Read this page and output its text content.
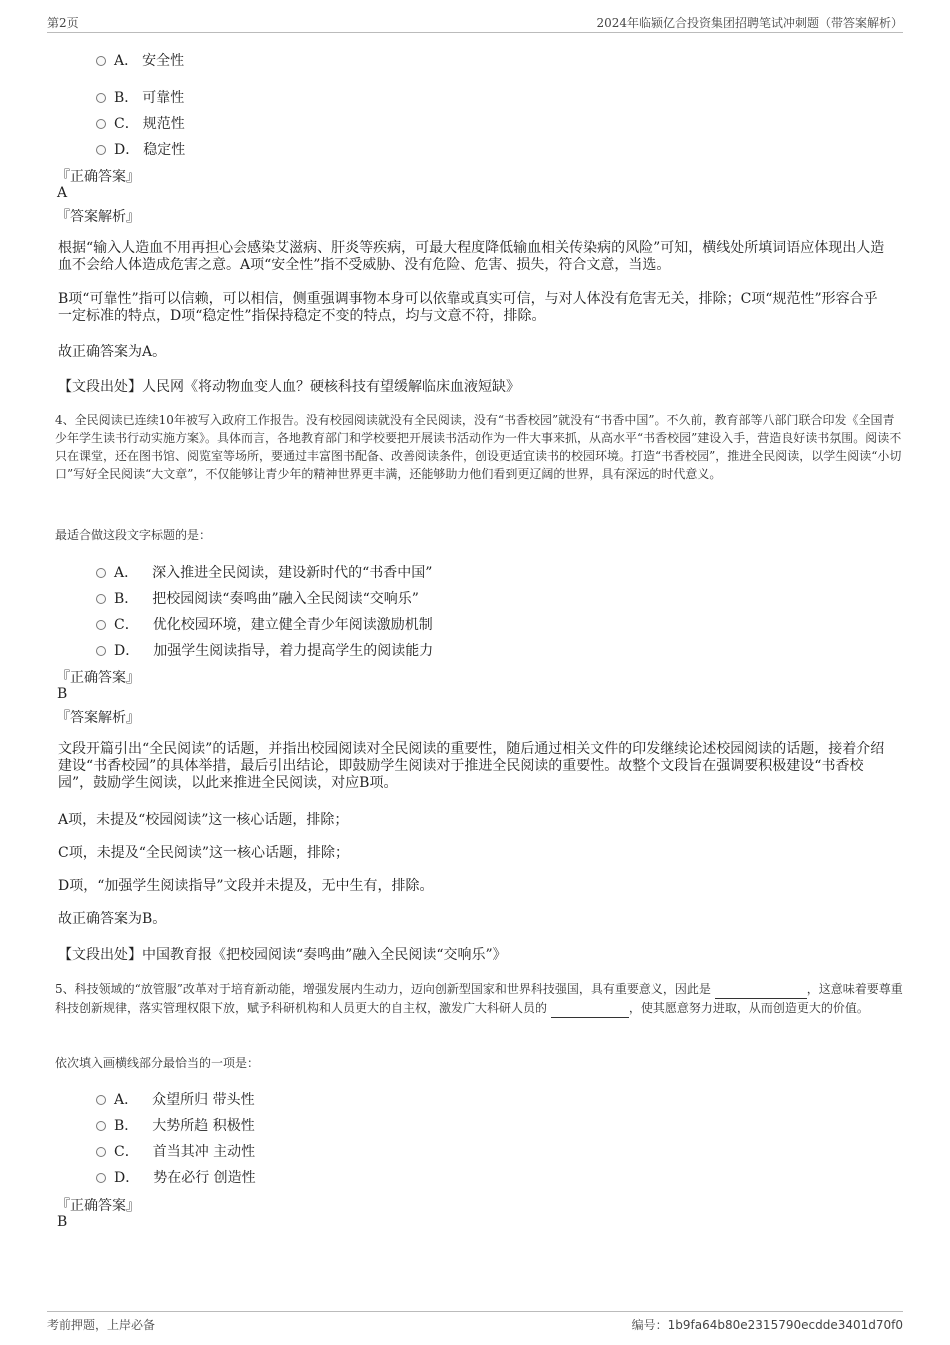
第2页	2024年临颍亿合投资集团招聘笔试冲刺题（带答案解析）
A． 安全性
B． 可靠性
C． 规范性
D． 稳定性
『正确答案』
A
『答案解析』
根据“输入人造血不用再担心会感染艾滋病、肝炎等疾病，可最大程度降低输血相关传染病的风险”可知，横线处所填词语应体现出人造血不会给人体造成危害之意。A项“安全性”指不受威胁、没有危险、危害、损失，符合文意，当选。
B项“可靠性”指可以信赖，可以相信，侧重强调事物本身可以依靠或真实可信，与对人体没有危害无关，排除；C项“规范性”形容合乎一定标准的特点，D项“稳定性”指保持稳定不变的特点，均与文意不符，排除。
故正确答案为A。
【文段出处】人民网《将动物血变人血？硬核科技有望缓解临床血液短缺》
4、全民阅读已连续10年被写入政府工作报告。没有校园阅读就没有全民阅读，没有“书香校园”就没有“书香中国”。不久前，教育部等八部门联合印发《全国青少年学生读书行动实施方案》。具体而言，各地教育部门和学校要把开展读书活动作为一件大事来抓，从高水平“书香校园”建设入手，营造良好读书氛围。阅读不只在课堂，还在图书馆、阅览室等场所，要通过丰富图书配备、改善阅读条件，创设更适宜读书的校园环境。打造“书香校园”，推进全民阅读，以学生阅读“小切口”写好全民阅读“大文章”，不仅能够让青少年的精神世界更丰满，还能够助力他们看到更辽阔的世界，具有深远的时代意义。
最适合做这段文字标题的是：
A． 深入推进全民阅读，建设新时代的“书香中国”
B． 把校园阅读“奏鸣曲”融入全民阅读“交响乐”
C． 优化校园环境，建立健全青少年阅读激励机制
D． 加强学生阅读指导，着力提高学生的阅读能力
『正确答案』
B
『答案解析』
文段开篇引出“全民阅读”的话题，并指出校园阅读对全民阅读的重要性，随后通过相关文件的印发继续论述校园阅读的话题，接着介绍建设“书香校园”的具体举措，最后引出结论，即鼓励学生阅读对于推进全民阅读的重要性。故整个文段旨在强调要积极建设“书香校园”，鼓励学生阅读，以此来推进全民阅读，对应B项。
A项，未提及“校园阅读”这一核心话题，排除；
C项，未提及“全民阅读”这一核心话题，排除；
D项，“加强学生阅读指导”文段并未提及，无中生有，排除。
故正确答案为B。
【文段出处】中国教育报《把校园阅读“奏鸣曲”融入全民阅读“交响乐”》
5、科技领域的“放管服”改革对于培育新动能，增强发展内生动力，迈向创新型国家和世界科技强国，具有重要意义，因此是	，这意味着要尊重科技创新规律，落实管理权限下放，赋予科研机构和人员更大的自主权，激发广大科研人员的	，使其愿意努力进取，从而创造更大的价值。
依次填入画横线部分最恰当的一项是：
A． 众望所归 带头性
B． 大势所趋 积极性
C． 首当其冲 主动性
D． 势在必行 创造性
『正确答案』
B
考前押题，上岸必备	编号：1b9fa64b80e2315790ecdde3401d70f0
